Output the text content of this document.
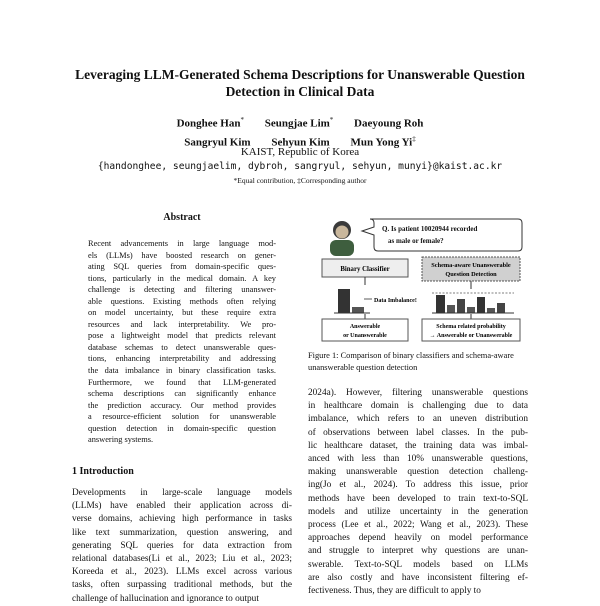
Leveraging LLM-Generated Schema Descriptions for Unanswerable Question Detection in Clinical Data
Donghee Han* Seungjae Lim* Daeyoung Roh
Sangryul Kim Sehyun Kim Mun Yong Yi‡
KAIST, Republic of Korea
{handonghee, seungjaelim, dybroh, sangryul, sehyun, munyi}@kaist.ac.kr
*Equal contribution, ‡Corresponding author
Abstract
Recent advancements in large language mod-
els (LLMs) have boosted research on gener-
ating SQL queries from domain-specific ques-
tions, particularly in the medical domain. A key
challenge is detecting and filtering unanswer-
able questions. Existing methods often relying
on model uncertainty, but these require extra
resources and lack interpretability. We pro-
pose a lightweight model that predicts relevant
database schemas to detect unanswerable ques-
tions, enhancing interpretability and addressing
the data imbalance in binary classification tasks.
Furthermore, we found that LLM-generated
schema descriptions can significantly enhance
the prediction accuracy. Our method provides
a resource-efficient solution for unanswerable
question detection in domain-specific question
answering systems.
1 Introduction
Developments in large-scale language models
(LLMs) have enabled their application across di-
verse domains, achieving high performance in tasks
like text summarization, question answering, and
generating SQL queries for data extraction from
relational databases(Li et al., 2023; Liu et al., 2023;
Koreeda et al., 2023). LLMs excel across various
tasks, often surpassing traditional methods, but the
challenge of hallucination and ignorance to output
Q. Is patient 10020944 recorded
as male or female?
Binary Classifier
Schema-aware Unanswerable
Question Detection
Data Imbalance!
Answerable
or Unanswerable
Schema related probability
→ Answerable or Unanswerable
Figure 1: Comparison of binary classifiers and schema-aware unanswerable question detection
2024a). However, filtering unanswerable questions
in healthcare domain is challenging due to data
imbalance, which refers to an uneven distribution
of observations between label classes. In the pub-
lic healthcare dataset, the training data was imbal-
anced with less than 10% unanswerable questions,
making unanswerable question detection challeng-
ing(Jo et al., 2024). To address this issue, prior
methods have been developed to train text-to-SQL
models and utilize uncertainty in the generation
process (Lee et al., 2022; Wang et al., 2023). These
approaches depend heavily on model performance
and struggle to interpret why questions are unan-
swerable. Text-to-SQL models based on LLMs
are also costly and have inconsistent filtering ef-
fectiveness. Thus, they are difficult to apply to
